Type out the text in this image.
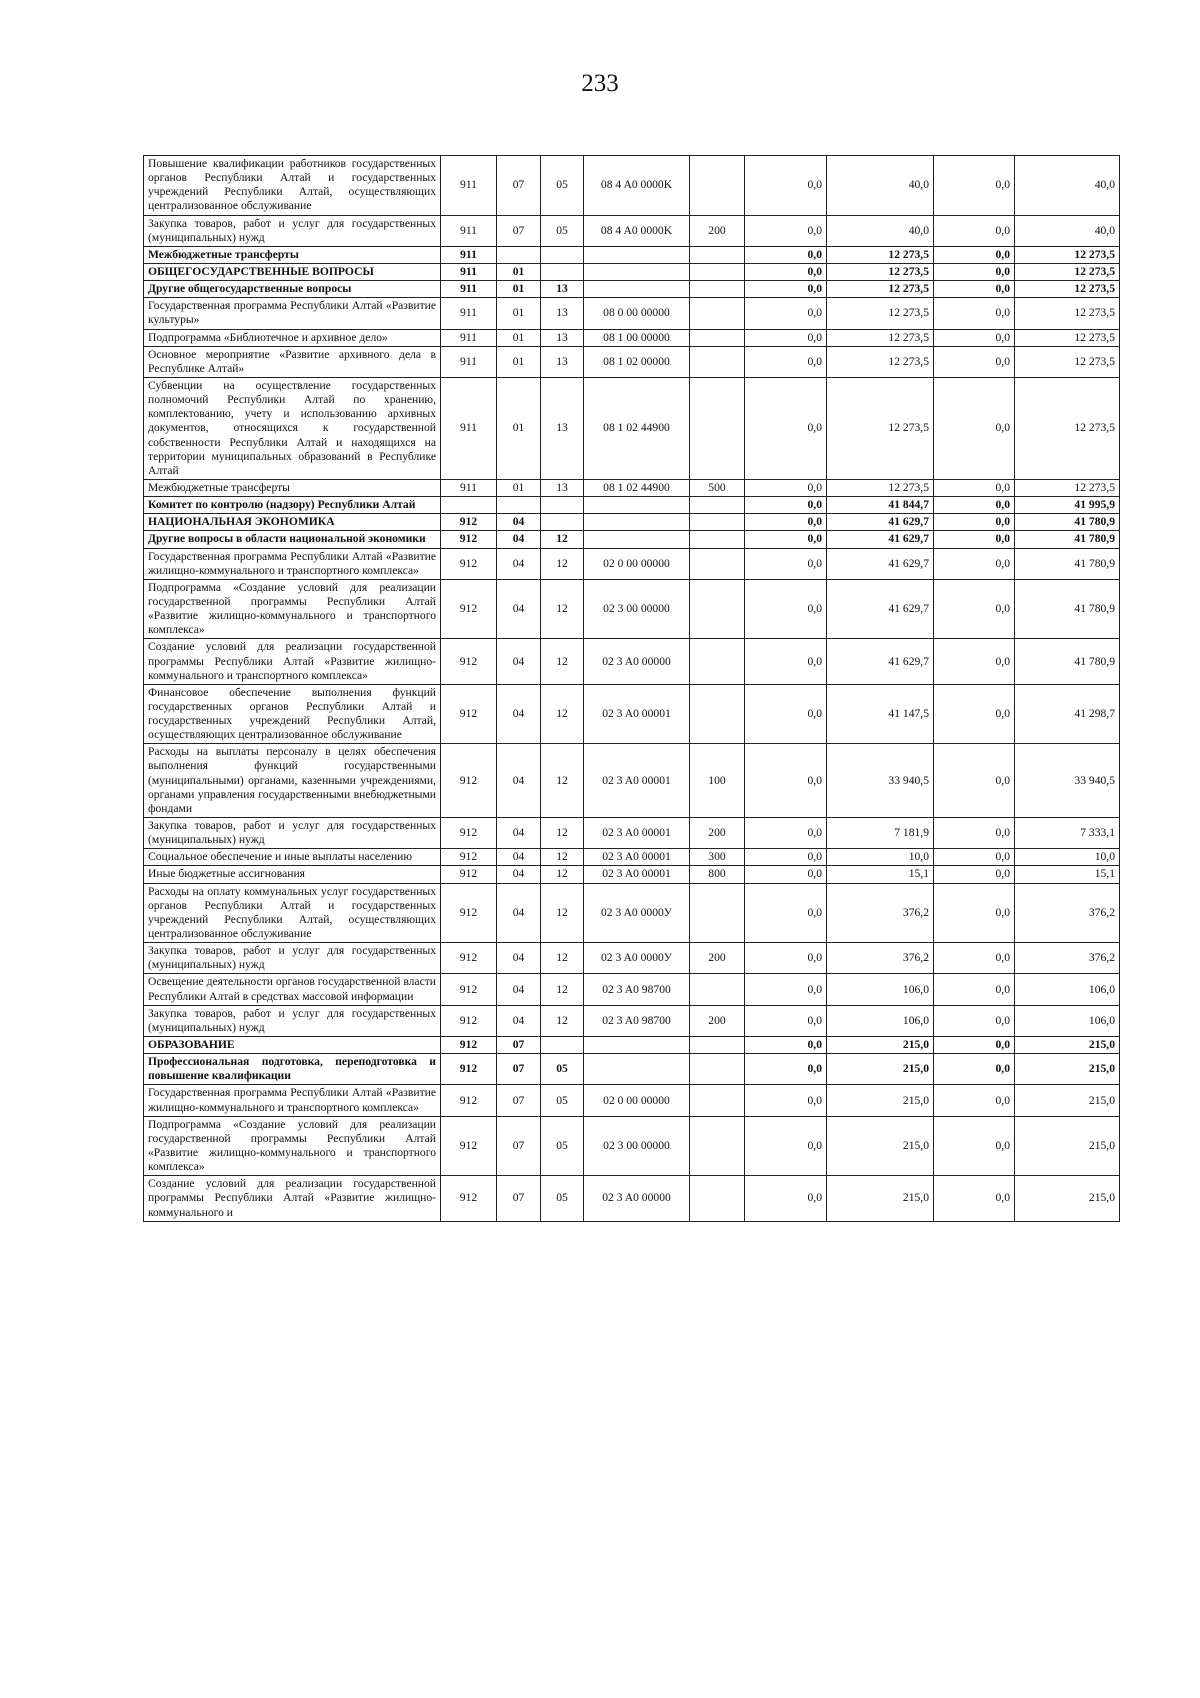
233
Повышение квалификации работников государственных органов Республики Алтай и государственных учреждений Республики Алтай, осуществляющих централизованное обслуживание	911	07	05	08 4 A0 0000K		0,0	40,0	0,0	40,0
Закупка товаров, работ и услуг для государственных (муниципальных) нужд	911	07	05	08 4 A0 0000K	200	0,0	40,0	0,0	40,0
Межбюджетные трансферты	911					0,0	12 273,5	0,0	12 273,5
ОБЩЕГОСУДАРСТВЕННЫЕ ВОПРОСЫ	911	01				0,0	12 273,5	0,0	12 273,5
Другие общегосударственные вопросы	911	01	13			0,0	12 273,5	0,0	12 273,5
Государственная программа Республики Алтай «Развитие культуры»	911	01	13	08 0 00 00000		0,0	12 273,5	0,0	12 273,5
Подпрограмма «Библиотечное и архивное дело»	911	01	13	08 1 00 00000		0,0	12 273,5	0,0	12 273,5
Основное мероприятие «Развитие архивного дела в Республике Алтай»	911	01	13	08 1 02 00000		0,0	12 273,5	0,0	12 273,5
Субвенции на осуществление государственных полномочий Республики Алтай по хранению, комплектованию, учету и использованию архивных документов, относящихся к государственной собственности Республики Алтай и находящихся на территории муниципальных образований в Республике Алтай	911	01	13	08 1 02 44900		0,0	12 273,5	0,0	12 273,5
Межбюджетные трансферты	911	01	13	08 1 02 44900	500	0,0	12 273,5	0,0	12 273,5
Комитет по контролю (надзору) Республики Алтай						0,0	41 844,7	0,0	41 995,9
НАЦИОНАЛЬНАЯ ЭКОНОМИКА	912	04				0,0	41 629,7	0,0	41 780,9
Другие вопросы в области национальной экономики	912	04	12			0,0	41 629,7	0,0	41 780,9
Государственная программа Республики Алтай «Развитие жилищно-коммунального и транспортного комплекса»	912	04	12	02 0 00 00000		0,0	41 629,7	0,0	41 780,9
Подпрограмма «Создание условий для реализации государственной программы Республики Алтай «Развитие жилищно-коммунального и транспортного комплекса»	912	04	12	02 3 00 00000		0,0	41 629,7	0,0	41 780,9
Создание условий для реализации государственной программы Республики Алтай «Развитие жилищно-коммунального и транспортного комплекса»	912	04	12	02 3 A0 00000		0,0	41 629,7	0,0	41 780,9
Финансовое обеспечение выполнения функций государственных органов Республики Алтай и государственных учреждений Республики Алтай, осуществляющих централизованное обслуживание	912	04	12	02 3 A0 00001		0,0	41 147,5	0,0	41 298,7
Расходы на выплаты персоналу в целях обеспечения выполнения функций государственными (муниципальными) органами, казенными учреждениями, органами управления государственными внебюджетными фондами	912	04	12	02 3 A0 00001	100	0,0	33 940,5	0,0	33 940,5
Закупка товаров, работ и услуг для государственных (муниципальных) нужд	912	04	12	02 3 A0 00001	200	0,0	7 181,9	0,0	7 333,1
Социальное обеспечение и иные выплаты населению	912	04	12	02 3 A0 00001	300	0,0	10,0	0,0	10,0
Иные бюджетные ассигнования	912	04	12	02 3 A0 00001	800	0,0	15,1	0,0	15,1
Расходы на оплату коммунальных услуг государственных органов Республики Алтай и государственных учреждений Республики Алтай, осуществляющих централизованное обслуживание	912	04	12	02 3 A0 0000У		0,0	376,2	0,0	376,2
Закупка товаров, работ и услуг для государственных (муниципальных) нужд	912	04	12	02 3 A0 0000У	200	0,0	376,2	0,0	376,2
Освещение деятельности органов государственной власти Республики Алтай в средствах массовой информации	912	04	12	02 3 A0 98700		0,0	106,0	0,0	106,0
Закупка товаров, работ и услуг для государственных (муниципальных) нужд	912	04	12	02 3 A0 98700	200	0,0	106,0	0,0	106,0
ОБРАЗОВАНИЕ	912	07				0,0	215,0	0,0	215,0
Профессиональная подготовка, переподготовка и повышение квалификации	912	07	05			0,0	215,0	0,0	215,0
Государственная программа Республики Алтай «Развитие жилищно-коммунального и транспортного комплекса»	912	07	05	02 0 00 00000		0,0	215,0	0,0	215,0
Подпрограмма «Создание условий для реализации государственной программы Республики Алтай «Развитие жилищно-коммунального и транспортного комплекса»	912	07	05	02 3 00 00000		0,0	215,0	0,0	215,0
Создание условий для реализации государственной программы Республики Алтай «Развитие жилищно-коммунального и	912	07	05	02 3 A0 00000		0,0	215,0	0,0	215,0
